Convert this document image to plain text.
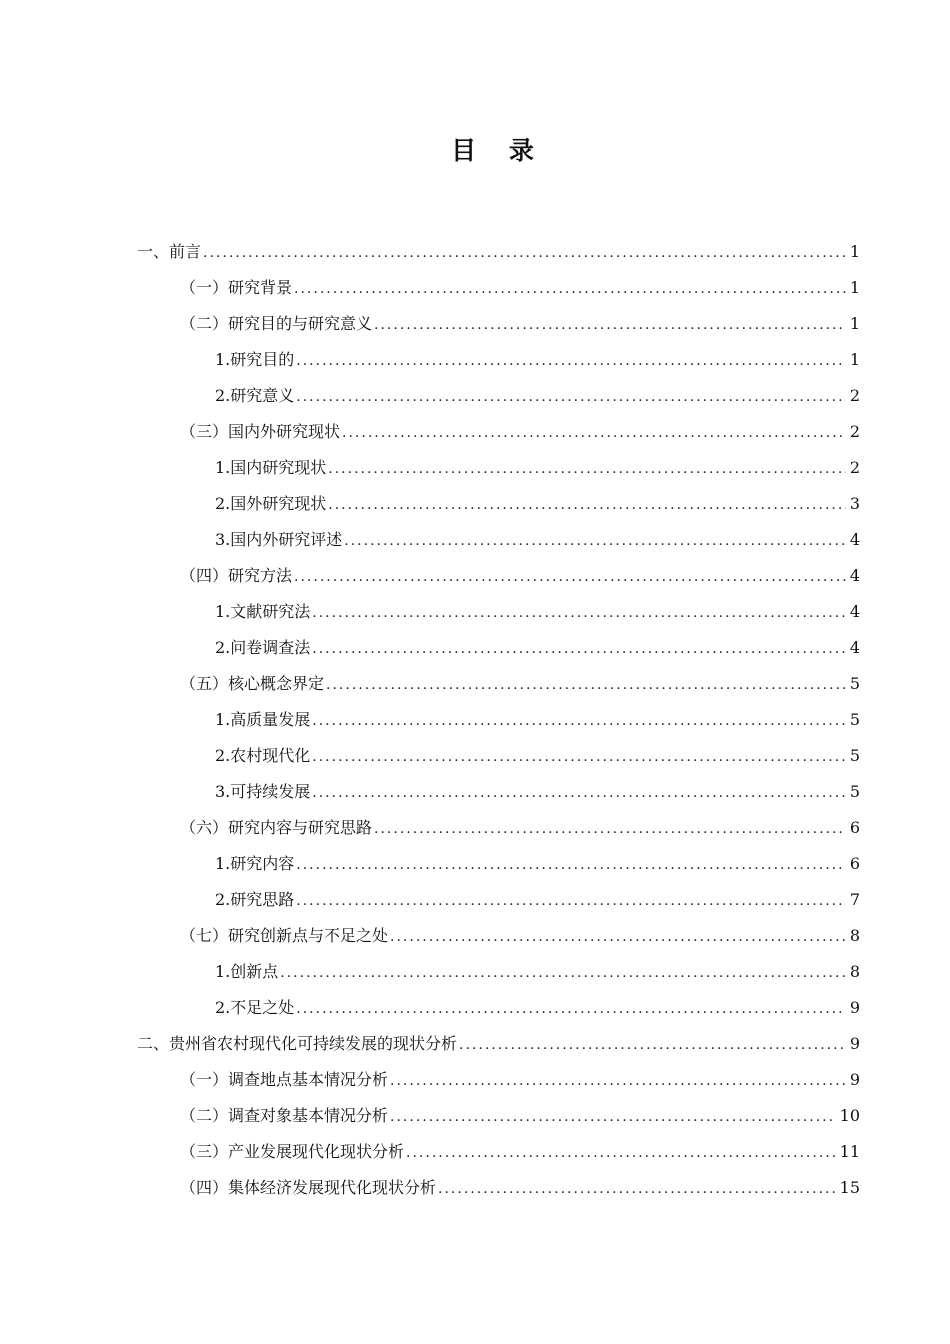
目 录
一、前言 .....	1
（一）研究背景 .....	1
（二）研究目的与研究意义 .....	1
1.研究目的 .....	1
2.研究意义 .....	2
（三）国内外研究现状 .....	2
1.国内研究现状 .....	2
2.国外研究现状 .....	3
3.国内外研究评述 .....	4
（四）研究方法 .....	4
1.文献研究法 .....	4
2.问卷调查法 .....	4
（五）核心概念界定 .....	5
1.高质量发展 .....	5
2.农村现代化 .....	5
3.可持续发展 .....	5
（六）研究内容与研究思路 .....	6
1.研究内容 .....	6
2.研究思路 .....	7
（七）研究创新点与不足之处 .....	8
1.创新点 .....	8
2.不足之处 .....	9
二、贵州省农村现代化可持续发展的现状分析 .....	9
（一）调查地点基本情况分析 .....	9
（二）调查对象基本情况分析 .....	10
（三）产业发展现代化现状分析 .....	11
（四）集体经济发展现代化现状分析 .....	15
